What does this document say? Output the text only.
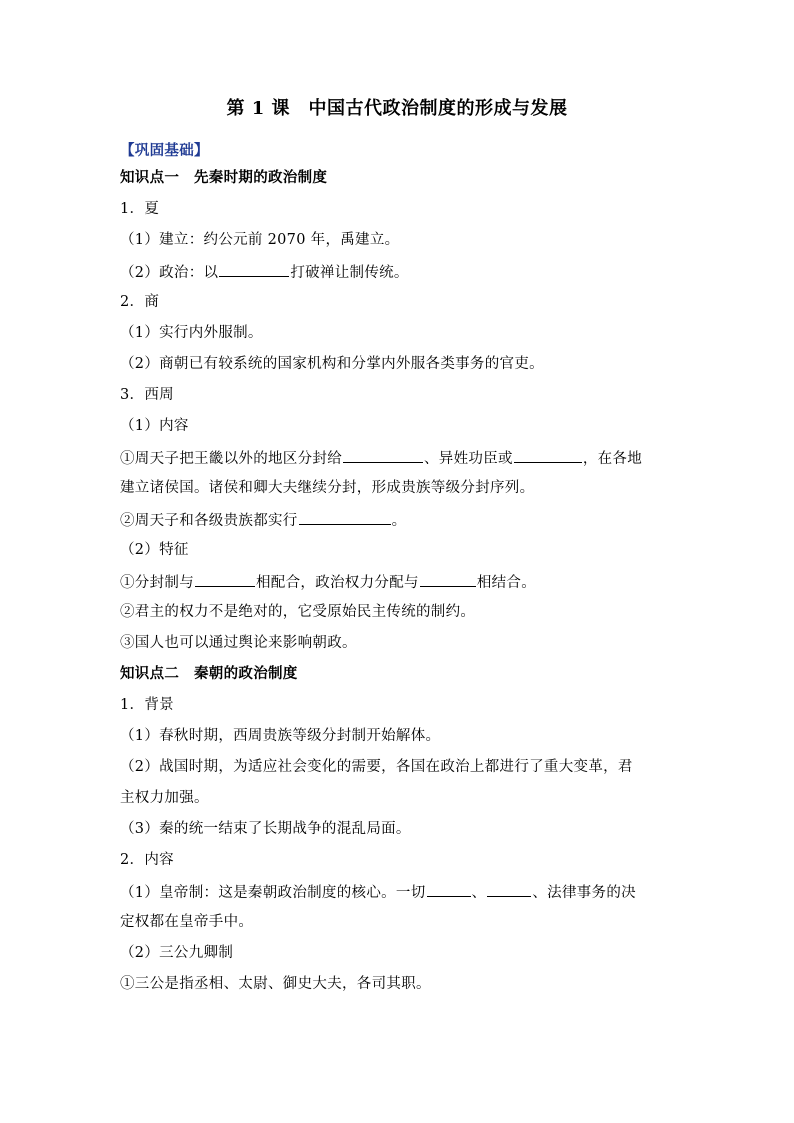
第 1 课　中国古代政治制度的形成与发展
【巩固基础】
知识点一　先秦时期的政治制度
1．夏
（1）建立：约公元前 2070 年，禹建立。
（2）政治：以	打破禅让制传统。
2．商
（1）实行内外服制。
（2）商朝已有较系统的国家机构和分掌内外服各类事务的官吏。
3．西周
（1）内容
①周天子把王畿以外的地区分封给	、异姓功臣或	，在各地
建立诸侯国。诸侯和卿大夫继续分封，形成贵族等级分封序列。
②周天子和各级贵族都实行	。
（2）特征
①分封制与	相配合，政治权力分配与	相结合。
②君主的权力不是绝对的，它受原始民主传统的制约。
③国人也可以通过舆论来影响朝政。
知识点二　秦朝的政治制度
1．背景
（1）春秋时期，西周贵族等级分封制开始解体。
（2）战国时期，为适应社会变化的需要，各国在政治上都进行了重大变革，君
主权力加强。
（3）秦的统一结束了长期战争的混乱局面。
2．内容
（1）皇帝制：这是秦朝政治制度的核心。一切	、	、法律事务的决
定权都在皇帝手中。
（2）三公九卿制
①三公是指丞相、太尉、御史大夫，各司其职。
